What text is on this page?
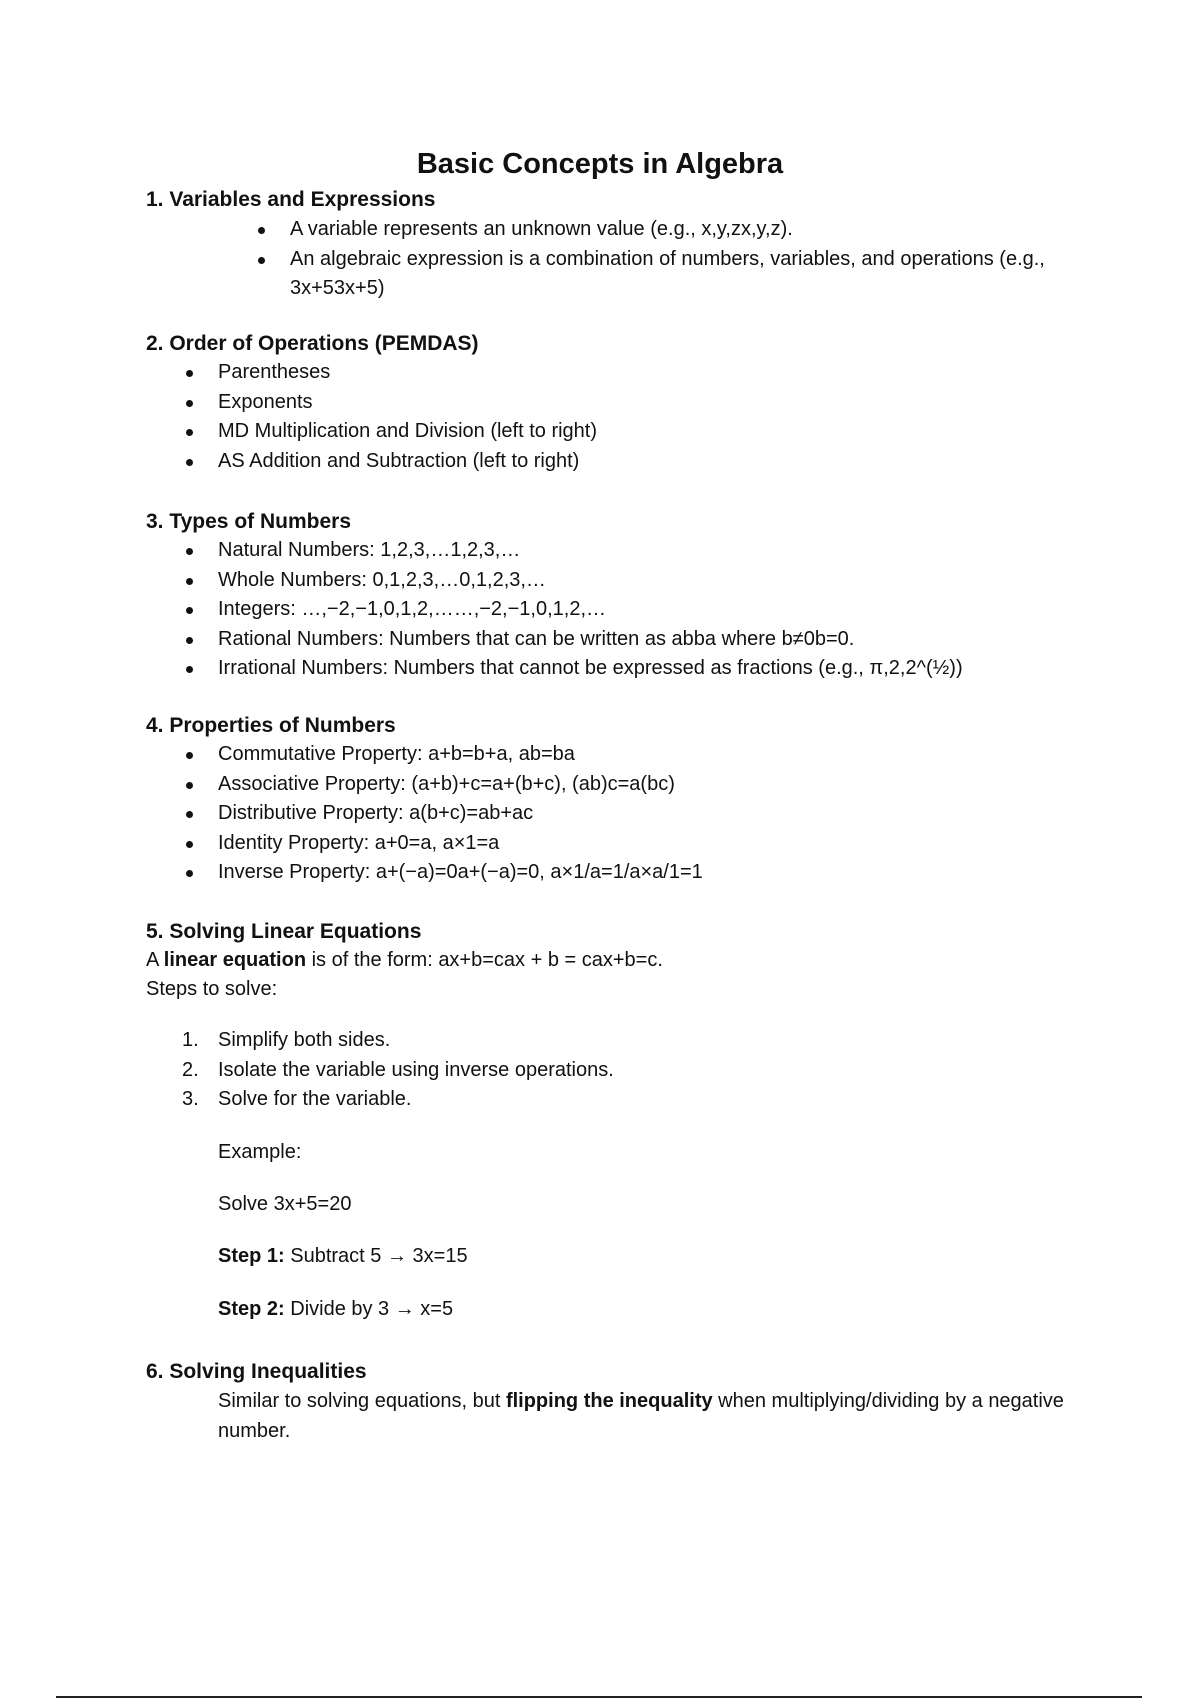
Basic Concepts in Algebra
1. Variables and Expressions
A variable represents an unknown value (e.g., x,y,zx,y,z).
An algebraic expression is a combination of numbers, variables, and operations (e.g., 3x+53x+5)
2. Order of Operations (PEMDAS)
Parentheses
Exponents
MD Multiplication and Division (left to right)
AS Addition and Subtraction (left to right)
3. Types of Numbers
Natural Numbers: 1,2,3,…1,2,3,…
Whole Numbers: 0,1,2,3,…0,1,2,3,…
Integers: …,−2,−1,0,1,2,……,−2,−1,0,1,2,…
Rational Numbers: Numbers that can be written as abba where b≠0b=0.
Irrational Numbers: Numbers that cannot be expressed as fractions (e.g., π,2,2^(½))
4. Properties of Numbers
Commutative Property: a+b=b+a, ab=ba
Associative Property: (a+b)+c=a+(b+c), (ab)c=a(bc)
Distributive Property: a(b+c)=ab+ac
Identity Property: a+0=a, a×1=a
Inverse Property: a+(−a)=0a+(−a)=0, a×1/a=1/a×a/1=1
5. Solving Linear Equations

A linear equation is of the form: ax+b=cax + b = cax+b=c.

Steps to solve:

1. Simplify both sides.
2. Isolate the variable using inverse operations.
3. Solve for the variable.

Example:

Solve 3x+5=20

Step 1: Subtract 5 → 3x=15

Step 2: Divide by 3 → x=5

6. Solving Inequalities

Similar to solving equations, but flipping the inequality when multiplying/dividing by a negative number.
